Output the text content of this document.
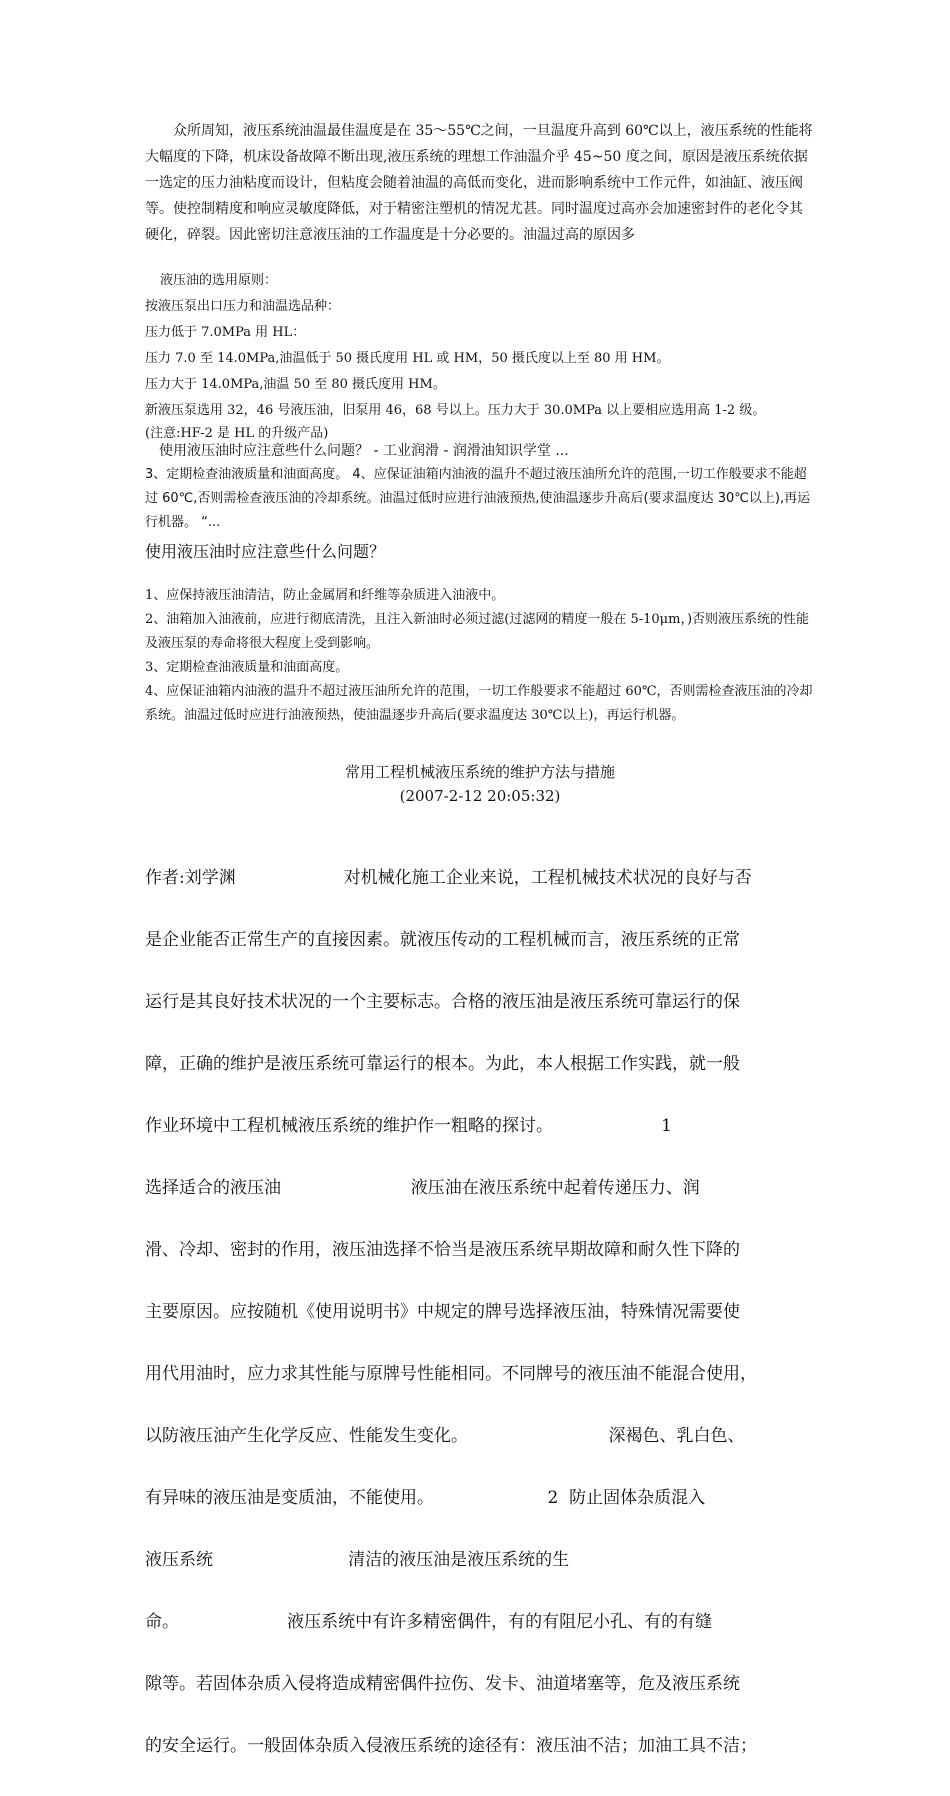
众所周知，液压系统油温最佳温度是在 35～55℃之间，一旦温度升高到 60℃以上，液压系统的性能将大幅度的下降，机床设备故障不断出现,液压系统的理想工作油温介乎 45~50 度之间，原因是液压系统依据一选定的压力油粘度而设计，但粘度会随着油温的高低而变化，进而影响系统中工作元件，如油缸、液压阀等。使控制精度和响应灵敏度降低，对于精密注塑机的情况尤甚。同时温度过高亦会加速密封件的老化令其硬化，碎裂。因此密切注意液压油的工作温度是十分必要的。油温过高的原因多

液压油的选用原则：

按液压泵出口压力和油温选品种：

压力低于 7.0MPa 用 HL：

压力 7.0 至 14.0MPa,油温低于 50 摄氏度用 HL 或 HM，50 摄氏度以上至 80 用 HM。

压力大于 14.0MPa,油温 50 至 80 摄氏度用 HM。

新液压泵选用 32，46 号液压油，旧泵用 46，68 号以上。压力大于 30.0MPa 以上要相应选用高 1-2 级。

(注意:HF-2 是 HL 的升级产品)

使用液压油时应注意些什么问题？ - 工业润滑 - 润滑油知识学堂 ...

3、定期检查油液质量和油面高度。 4、应保证油箱内油液的温升不超过液压油所允许的范围,一切工作般要求不能超过 60℃,否则需检查液压油的冷却系统。油温过低时应进行油液预热,使油温逐步升高后(要求温度达 30℃以上),再运行机器。 “...

使用液压油时应注意些什么问题？

1、应保持液压油清洁，防止金属屑和纤维等杂质进入油液中。

2、油箱加入油液前，应进行彻底清洗，且注入新油时必须过滤(过滤网的精度一般在 5-10μm，)否则液压系统的性能及液压泵的寿命将很大程度上受到影响。

3、定期检查油液质量和油面高度。

4、应保证油箱内油液的温升不超过液压油所允许的范围，一切工作般要求不能超过 60℃，否则需检查液压油的冷却系统。油温过低时应进行油液预热，使油温逐步升高后(要求温度达 30℃以上)，再运行机器。

常用工程机械液压系统的维护方法与措施

(2007-2-12 20:05:32)

作者:刘学渊                    对机械化施工企业来说，工程机械技术状况的良好与否

是企业能否正常生产的直接因素。就液压传动的工程机械而言，液压系统的正常

运行是其良好技术状况的一个主要标志。合格的液压油是液压系统可靠运行的保

障，正确的维护是液压系统可靠运行的根本。为此，本人根据工作实践，就一般

作业环境中工程机械液压系统的维护作一粗略的探讨。                    1

选择适合的液压油                        液压油在液压系统中起着传递压力、润

滑、冷却、密封的作用，液压油选择不恰当是液压系统早期故障和耐久性下降的

主要原因。应按随机《使用说明书》中规定的牌号选择液压油，特殊情况需要使

用代用油时，应力求其性能与原牌号性能相同。不同牌号的液压油不能混合使用，

以防液压油产生化学反应、性能发生变化。                          深褐色、乳白色、

有异味的液压油是变质油，不能使用。                     2  防止固体杂质混入

液压系统                         清洁的液压油是液压系统的生

命。                    液压系统中有许多精密偶件，有的有阻尼小孔、有的有缝

隙等。若固体杂质入侵将造成精密偶件拉伤、发卡、油道堵塞等，危及液压系统

的安全运行。一般固体杂质入侵液压系统的途径有：液压油不洁；加油工具不洁；
